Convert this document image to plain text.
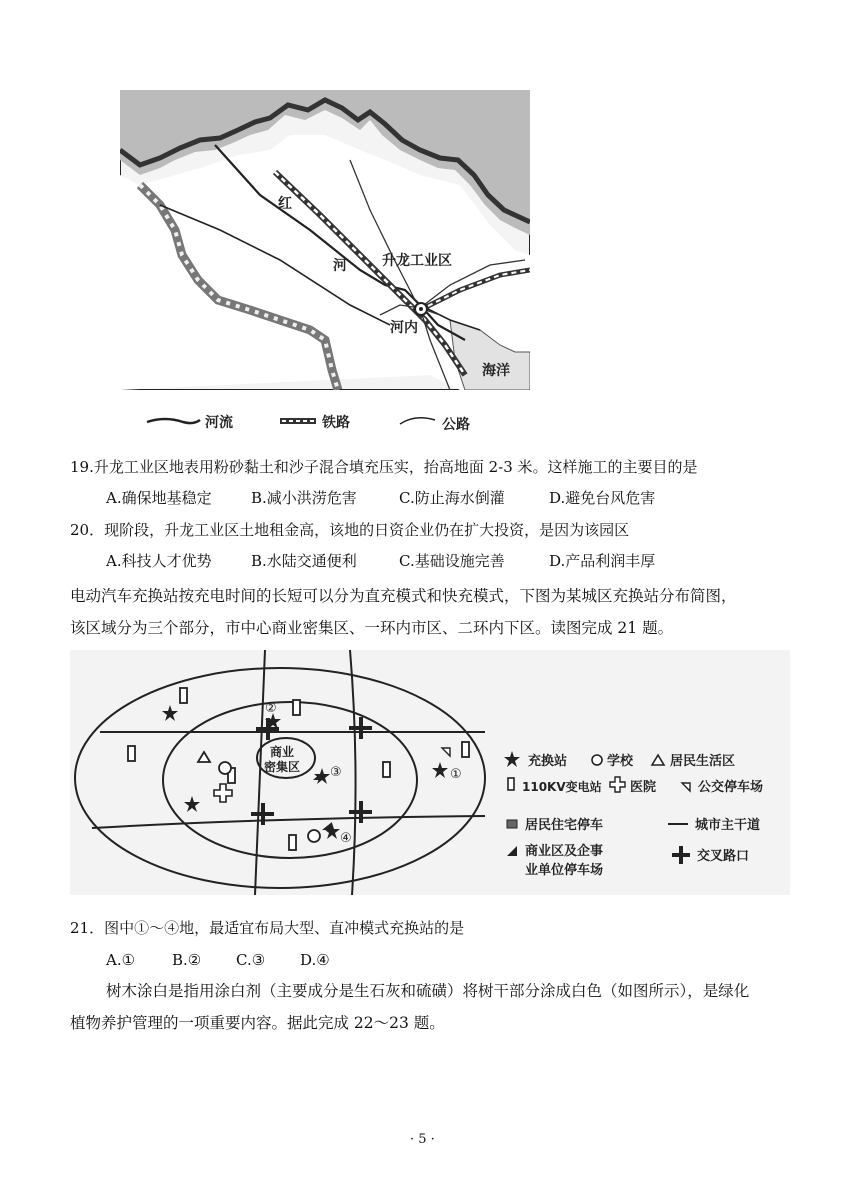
红
河	升龙工业区
河内
海洋
河流	铁路	公路
19.升龙工业区地表用粉砂黏土和沙子混合填充压实，抬高地面 2-3 米。这样施工的主要目的是
A.确保地基稳定	B.减小洪涝危害	C.防止海水倒灌	D.避免台风危害
20．现阶段，升龙工业区土地租金高，该地的日资企业仍在扩大投资，是因为该园区
A.科技人才优势	B.水陆交通便利	C.基础设施完善	D.产品利润丰厚
电动汽车充换站按充电时间的长短可以分为直充模式和快充模式，下图为某城区充换站分布简图，
该区域分为三个部分，市中心商业密集区、一环内市区、二环内下区。读图完成 21 题。
商业
密集区	①
②
③
④
充换站	学校	居民生活区
110KV变电站 医院	公交停车场
居民住宅停车	城市主干道
商业区及企事
业单位停车场
交叉路口
21．图中①～④地，最适宜布局大型、直冲模式充换站的是
A.① B.② C.③ D.④
树木涂白是指用涂白剂（主要成分是生石灰和硫磺）将树干部分涂成白色（如图所示），是绿化
植物养护管理的一项重要内容。据此完成 22～23 题。
· 5 ·
